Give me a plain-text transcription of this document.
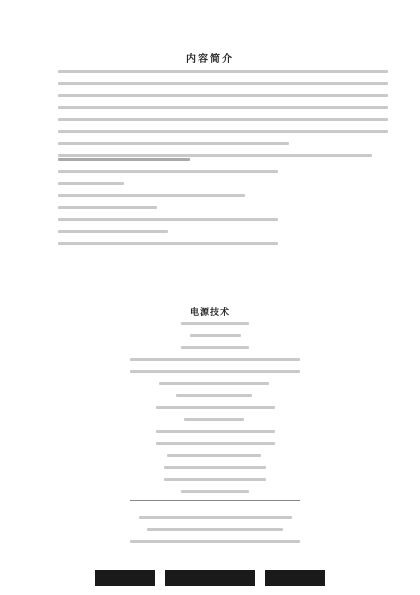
内容简介
电源技术
